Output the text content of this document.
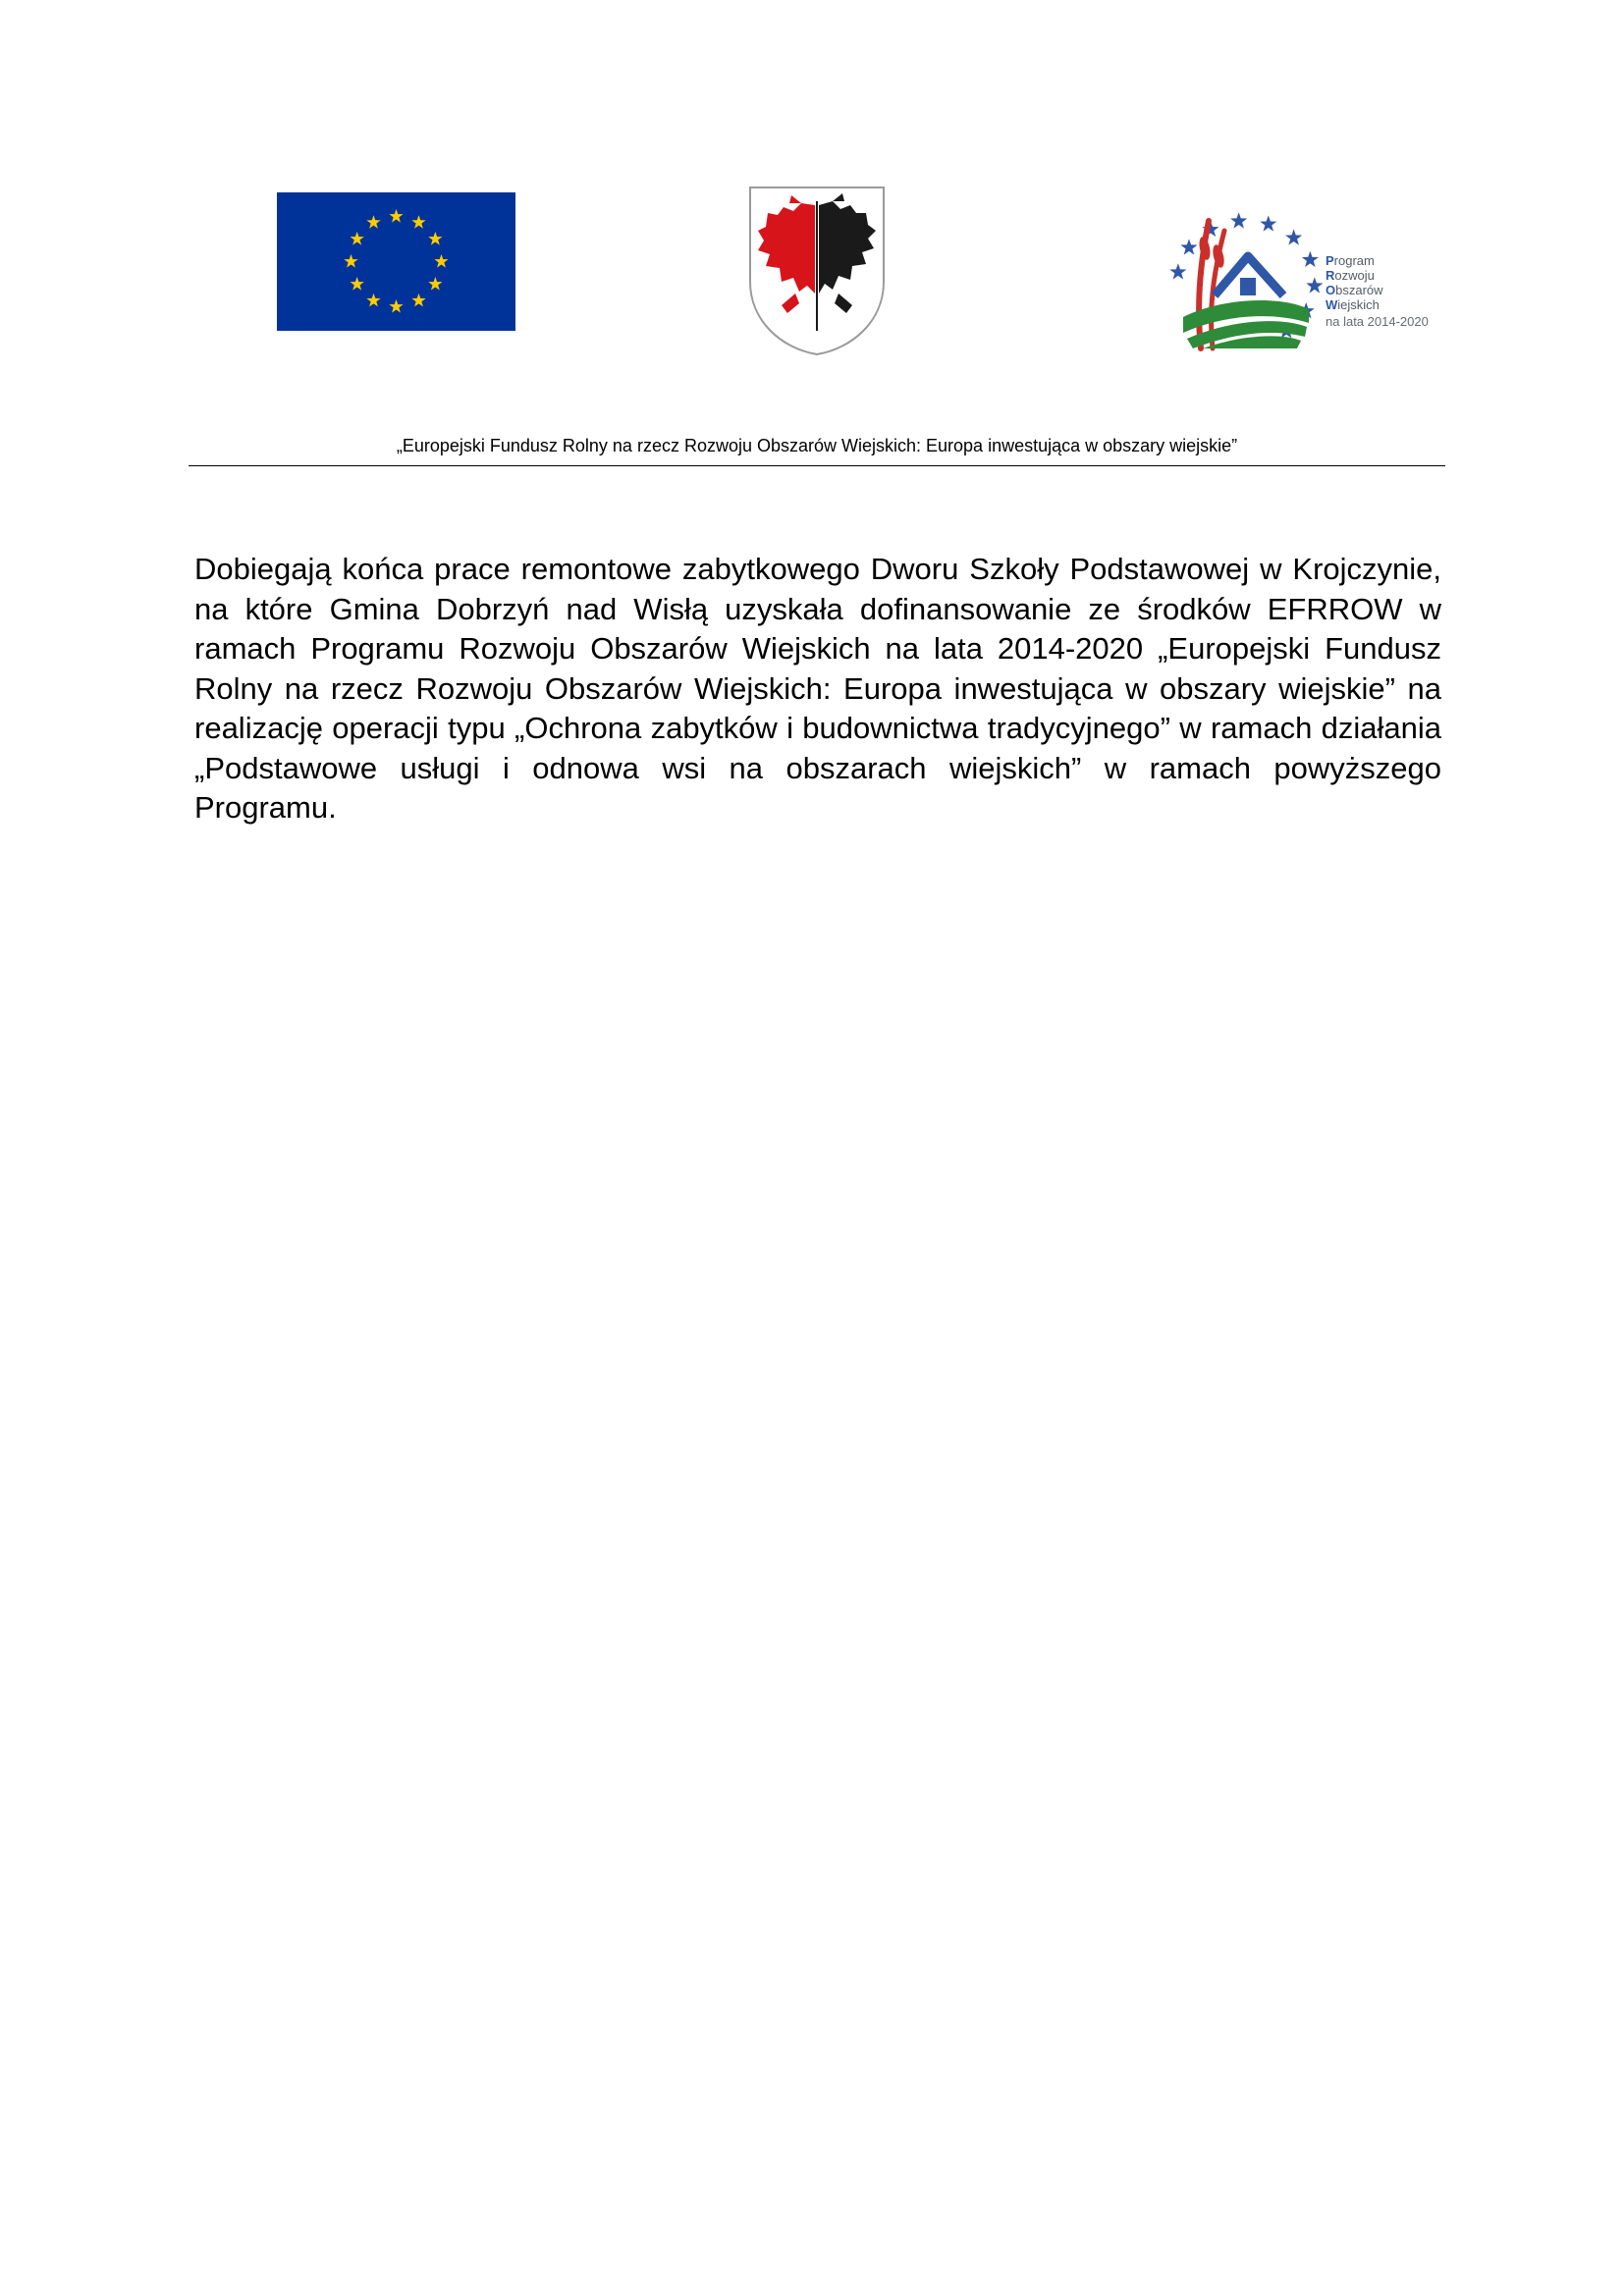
Program
Rozwoju
Obszarów
Wiejskich
na lata 2014-2020
„Europejski Fundusz Rolny na rzecz Rozwoju Obszarów Wiejskich: Europa inwestująca w obszary wiejskie”
Dobiegają końca prace remontowe zabytkowego Dworu Szkoły Podstawowej w Krojczynie, na które Gmina Dobrzyń nad Wisłą uzyskała dofinansowanie ze środków EFRROW w ramach Programu Rozwoju Obszarów Wiejskich na lata 2014-2020 „Europejski Fundusz Rolny na rzecz Rozwoju Obszarów Wiejskich: Europa inwestująca w obszary wiejskie” na realizację operacji typu „Ochrona zabytków i budownictwa tradycyjnego” w ramach działania „Podstawowe usługi i odnowa wsi na obszarach wiejskich” w ramach powyższego Programu.
